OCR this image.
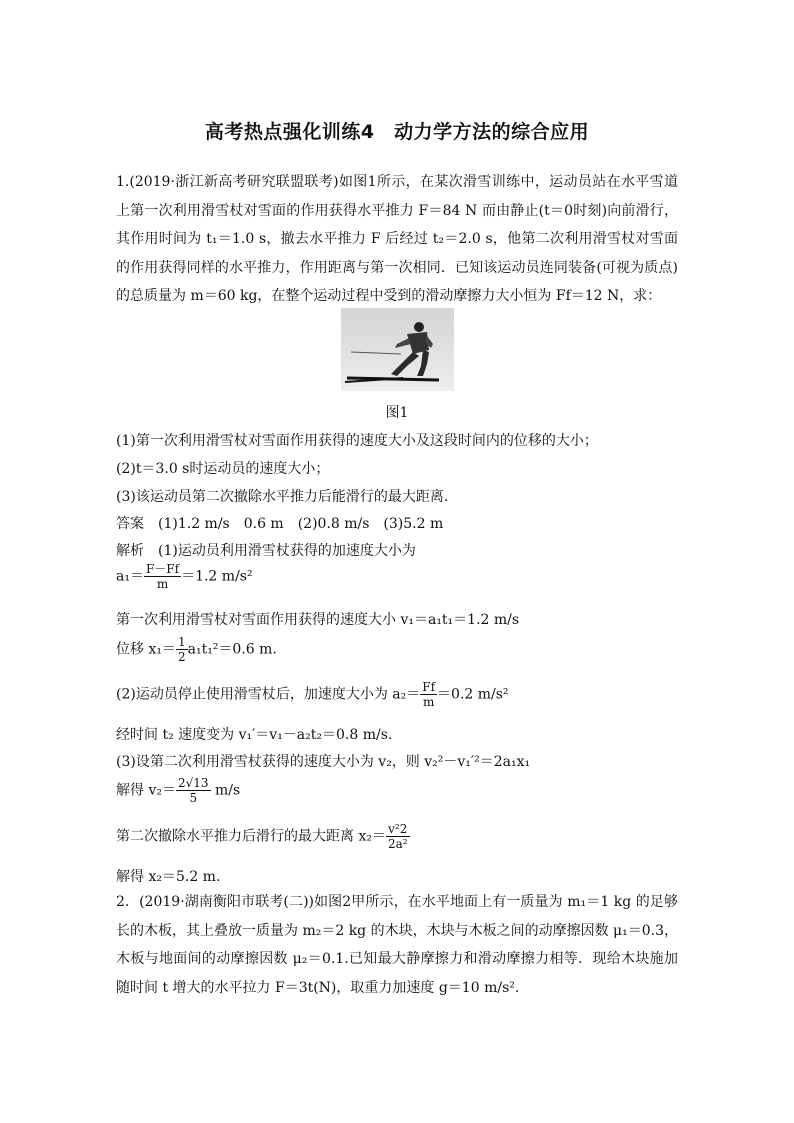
高考热点强化训练4　动力学方法的综合应用
1.(2019·浙江新高考研究联盟联考)如图1所示，在某次滑雪训练中，运动员站在水平雪道上第一次利用滑雪杖对雪面的作用获得水平推力 F＝84 N 而由静止(t＝0时刻)向前滑行，其作用时间为 t₁＝1.0 s，撤去水平推力 F 后经过 t₂＝2.0 s，他第二次利用滑雪杖对雪面的作用获得同样的水平推力，作用距离与第一次相同．已知该运动员连同装备(可视为质点)的总质量为 m＝60 kg，在整个运动过程中受到的滑动摩擦力大小恒为 Ff＝12 N，求：
图1
(1)第一次利用滑雪杖对雪面作用获得的速度大小及这段时间内的位移的大小；
(2)t＝3.0 s时运动员的速度大小；
(3)该运动员第二次撤除水平推力后能滑行的最大距离．
答案　(1)1.2 m/s　0.6 m　(2)0.8 m/s　(3)5.2 m
解析　(1)运动员利用滑雪杖获得的加速度大小为
$a_1= \frac{F-Ff}{m} =1.2$ m/s²
第一次利用滑雪杖对雪面作用获得的速度大小 v₁＝a₁t₁＝1.2 m/s
位移 $x_1= \frac{1}{2} a_1t_1^2=0.6$ m.
(2)运动员停止使用滑雪杖后，加速度大小为 $a_2= \frac{Ff}{m} =0.2$ m/s²
经时间 t₂ 速度变为 v₁′＝v₁－a₂t₂＝0.8 m/s.
(3)设第二次利用滑雪杖获得的速度大小为 v₂，则 v₂²－v₁′²＝2a₁x₁
解得 $v_2= \frac{2√13}{5} m/s$
第二次撤除水平推力后滑行的最大距离 $x_2= \frac{\text{v²2}}{\text{2a²}}$
解得 x₂＝5.2 m.
2．(2019·湖南衡阳市联考(二))如图2甲所示，在水平地面上有一质量为 m₁＝1 kg 的足够长的木板，其上叠放一质量为 m₂＝2 kg 的木块，木块与木板之间的动摩擦因数 μ₁＝0.3，木板与地面间的动摩擦因数 μ₂＝0.1.已知最大静摩擦力和滑动摩擦力相等．现给木块施加随时间 t 增大的水平拉力 F＝3t(N)，取重力加速度 g＝10 m/s².
